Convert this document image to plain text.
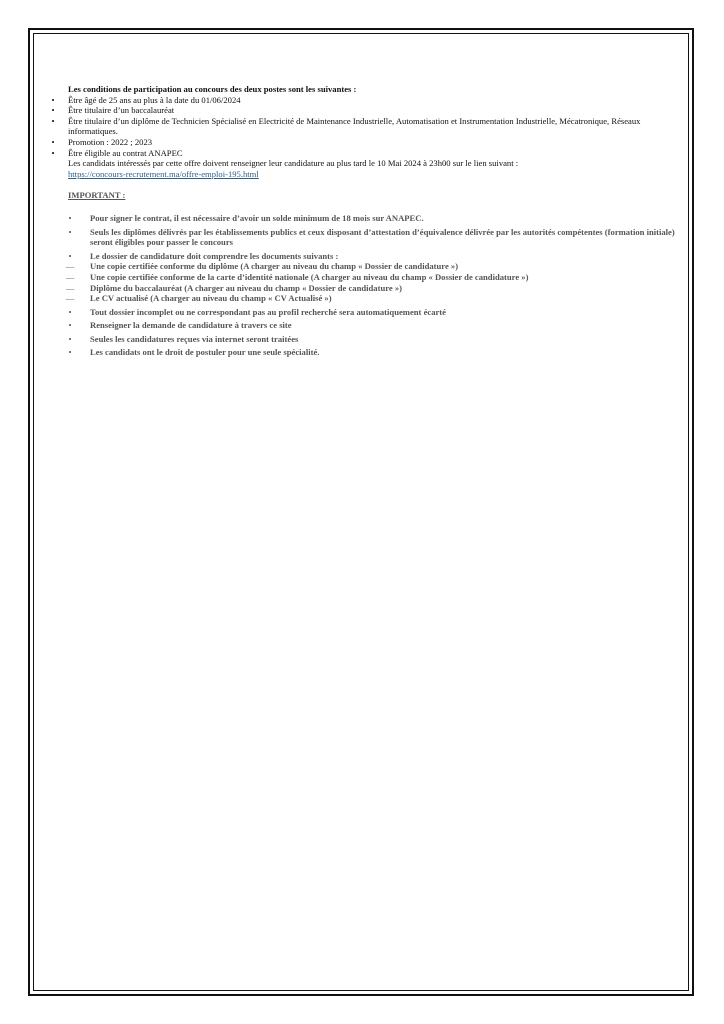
Les conditions de participation au concours des deux postes sont les suivantes :
•	Être âgé de 25 ans au plus à la date du 01/06/2024
•	Être titulaire d’un baccalauréat
•	Être titulaire d’un diplôme de Technicien Spécialisé en Electricité de Maintenance Industrielle, Automatisation et Instrumentation Industrielle, Mécatronique, Réseaux informatiques.
•	Promotion : 2022 ; 2023
•	Être éligible au contrat ANAPEC
Les candidats intéressés par cette offre doivent renseigner leur candidature au plus tard le 10 Mai 2024 à 23h00 sur le lien suivant :
https://concours-recrutement.ma/offre-emploi-195.html
IMPORTANT :
•	Pour signer le contrat, il est nécessaire d’avoir un solde minimum de 18 mois sur ANAPEC.
•	Seuls les diplômes délivrés par les établissements publics et ceux disposant d’attestation d’équivalence délivrée par les autorités compétentes (formation initiale) seront éligibles pour passer le concours
•	Le dossier de candidature doit comprendre les documents suivants :
—	Une copie certifiée conforme du diplôme (A charger au niveau du champ « Dossier de candidature »)
—	Une copie certifiée conforme de la carte d’identité nationale (A charger au niveau du champ « Dossier de candidature »)
—	Diplôme du baccalauréat (A charger au niveau du champ « Dossier de candidature »)
—	Le CV actualisé (A charger au niveau du champ « CV Actualisé »)
•	Tout dossier incomplet ou ne correspondant pas au profil recherché sera automatiquement écarté
•	Renseigner la demande de candidature à travers ce site
•	Seules les candidatures reçues via internet seront traitées
•	Les candidats ont le droit de postuler pour une seule spécialité.
